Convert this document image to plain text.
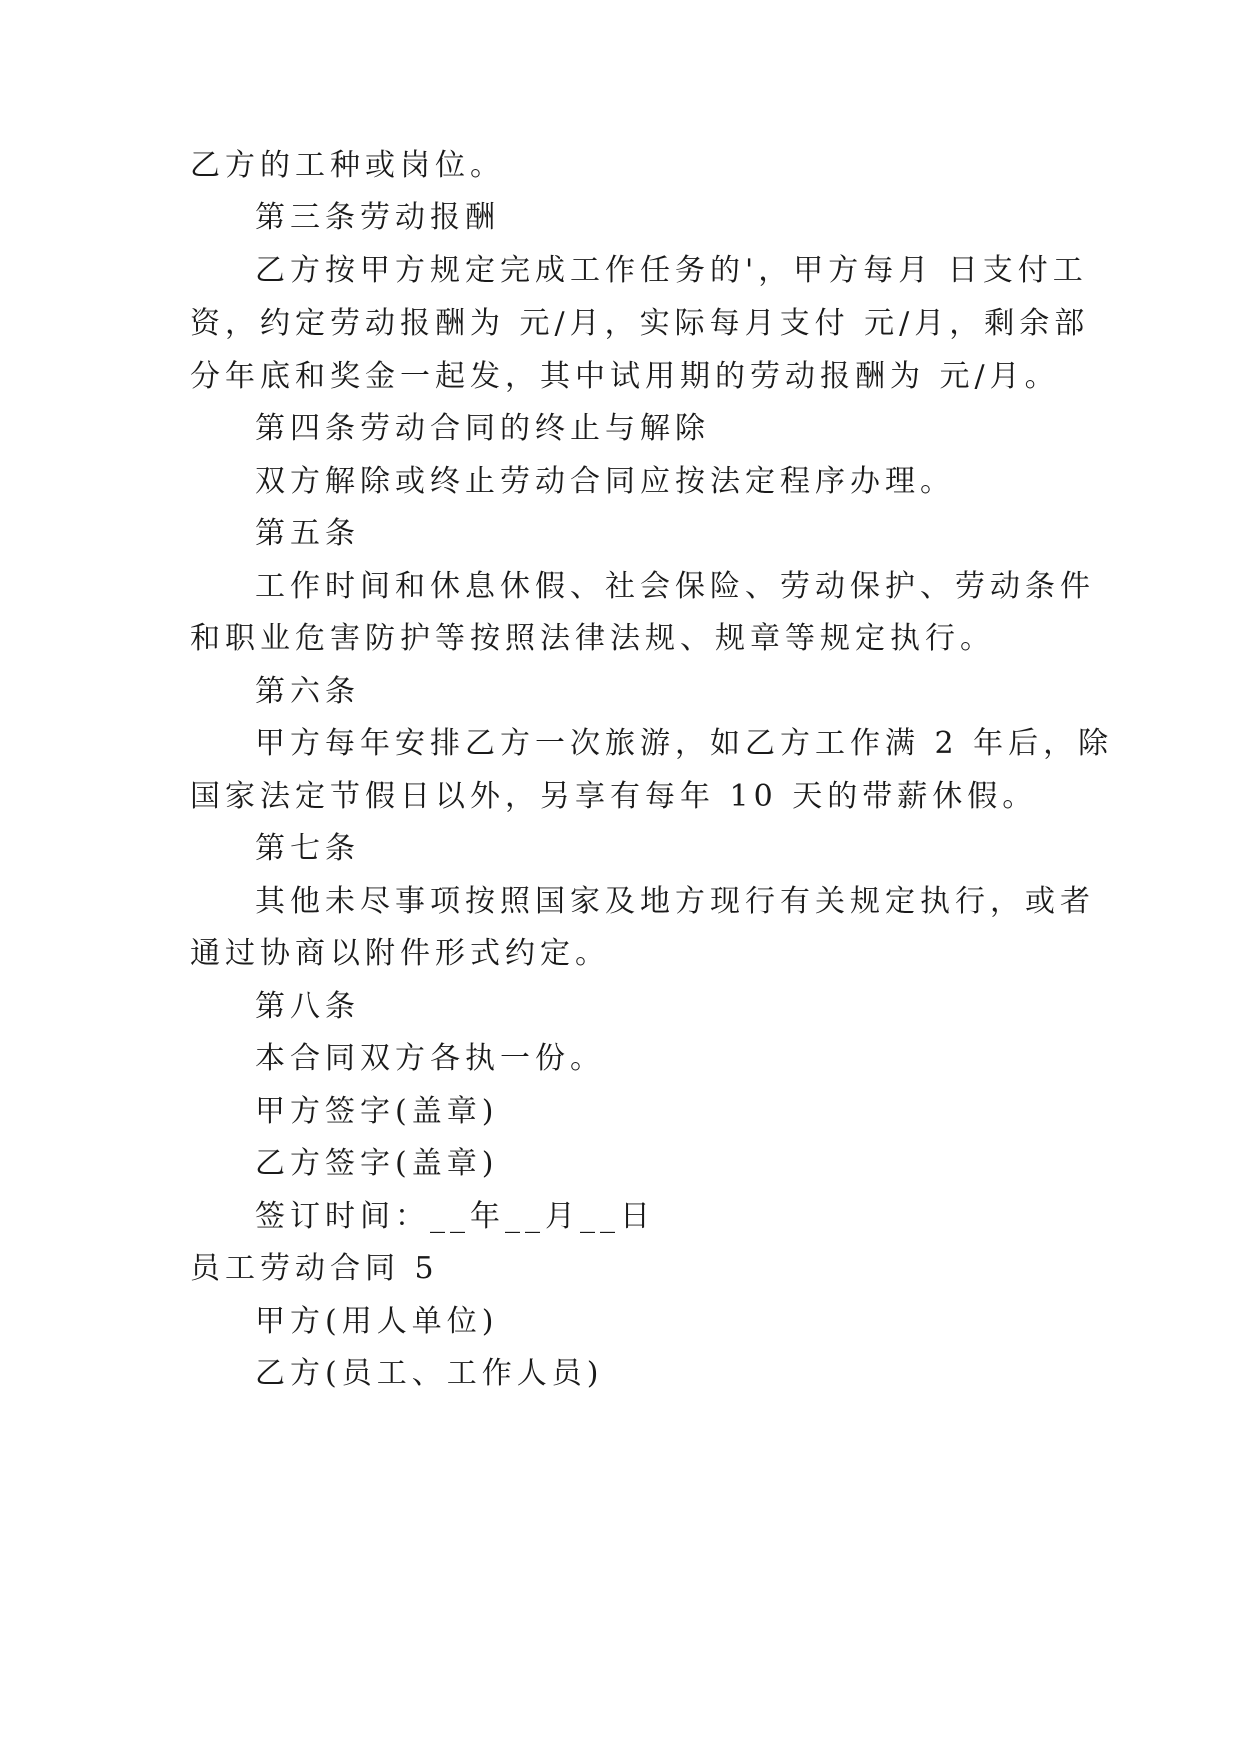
乙方的工种或岗位。
第三条劳动报酬
乙方按甲方规定完成工作任务的'，甲方每月 日支付工
资，约定劳动报酬为 元/月，实际每月支付 元/月，剩余部
分年底和奖金一起发，其中试用期的劳动报酬为 元/月。
第四条劳动合同的终止与解除
双方解除或终止劳动合同应按法定程序办理。
第五条
工作时间和休息休假、社会保险、劳动保护、劳动条件
和职业危害防护等按照法律法规、规章等规定执行。
第六条
甲方每年安排乙方一次旅游，如乙方工作满 2 年后，除
国家法定节假日以外，另享有每年 10 天的带薪休假。
第七条
其他未尽事项按照国家及地方现行有关规定执行，或者
通过协商以附件形式约定。
第八条
本合同双方各执一份。
甲方签字(盖章)
乙方签字(盖章)
签订时间：__年__月__日
员工劳动合同 5
甲方(用人单位)
乙方(员工、工作人员)
